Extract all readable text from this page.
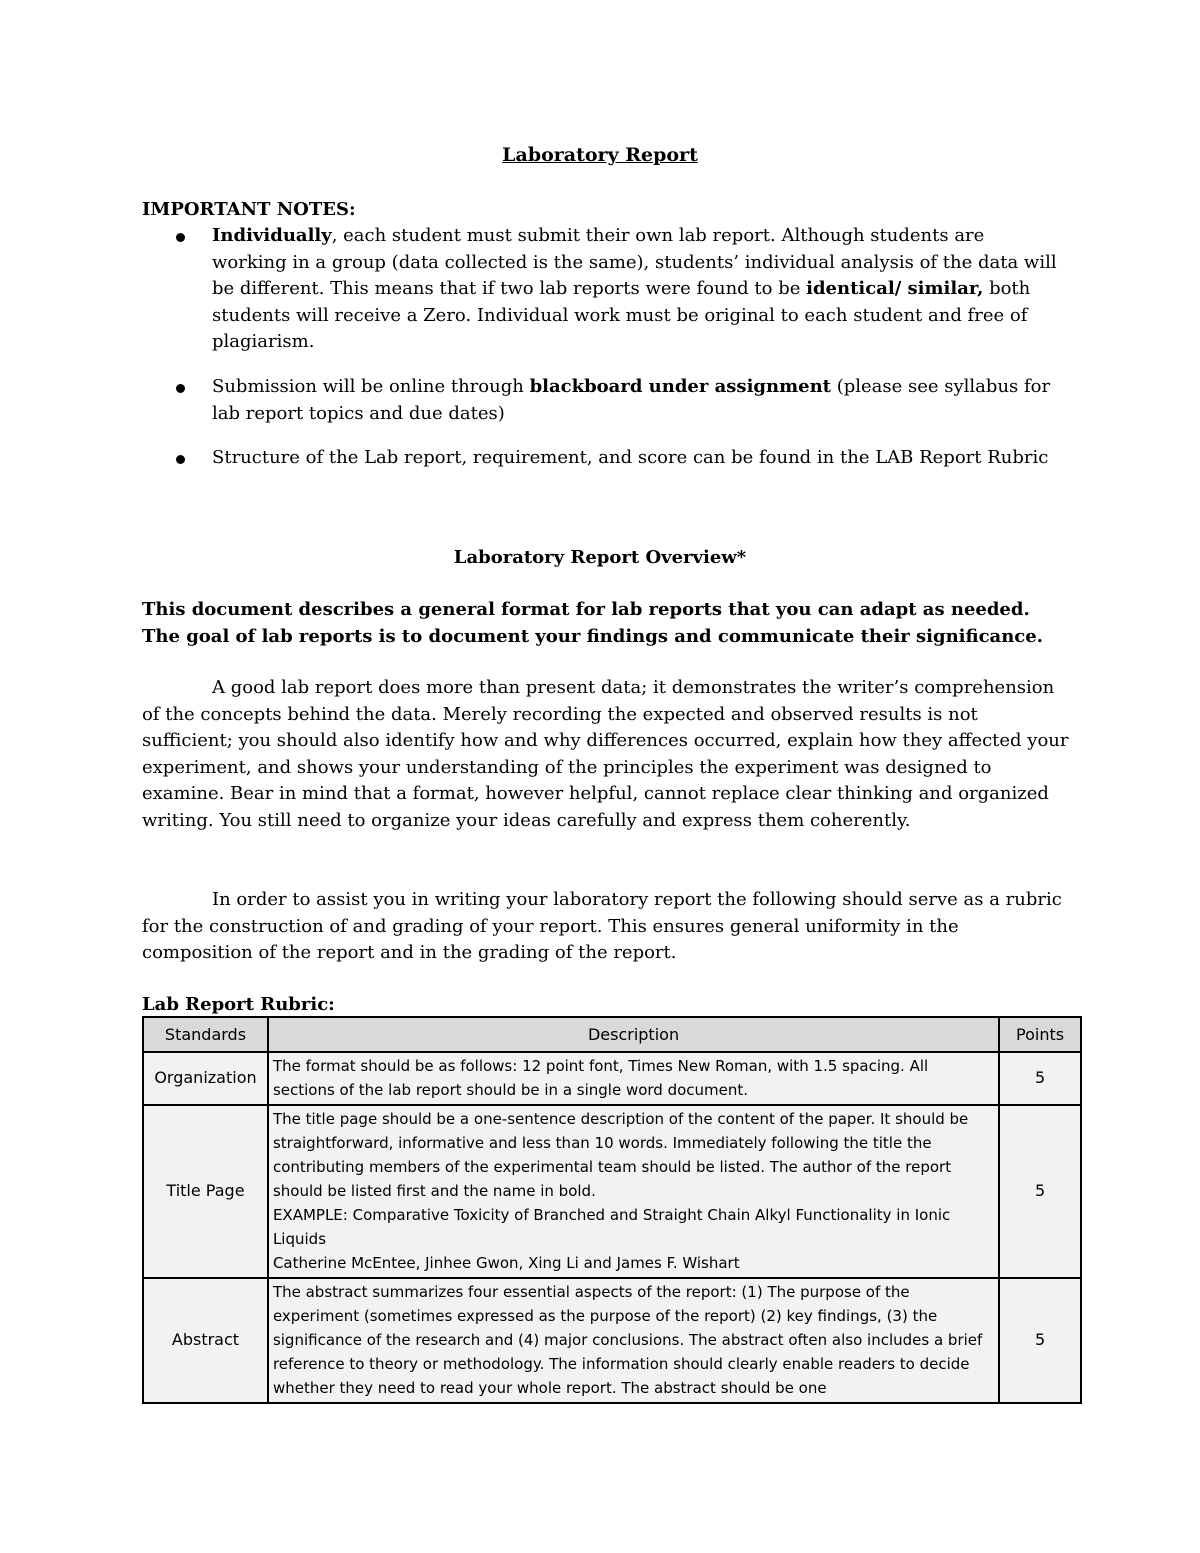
Laboratory Report
IMPORTANT NOTES:
Individually, each student must submit their own lab report. Although students are working in a group (data collected is the same), students’ individual analysis of the data will be different. This means that if two lab reports were found to be identical/ similar, both students will receive a Zero. Individual work must be original to each student and free of plagiarism.
Submission will be online through blackboard under assignment (please see syllabus for lab report topics and due dates)
Structure of the Lab report, requirement, and score can be found in the LAB Report Rubric
Laboratory Report Overview*
This document describes a general format for lab reports that you can adapt as needed. The goal of lab reports is to document your findings and communicate their significance.
A good lab report does more than present data; it demonstrates the writer’s comprehension of the concepts behind the data. Merely recording the expected and observed results is not sufficient; you should also identify how and why differences occurred, explain how they affected your experiment, and shows your understanding of the principles the experiment was designed to examine. Bear in mind that a format, however helpful, cannot replace clear thinking and organized writing. You still need to organize your ideas carefully and express them coherently.
In order to assist you in writing your laboratory report the following should serve as a rubric for the construction of and grading of your report. This ensures general uniformity in the composition of the report and in the grading of the report.
Lab Report Rubric:
Standards	Description	Points
Organization	The format should be as follows: 12 point font, Times New Roman, with 1.5 spacing. All sections of the lab report should be in a single word document.	5
Title Page	The title page should be a one-sentence description of the content of the paper. It should be straightforward, informative and less than 10 words. Immediately following the title the contributing members of the experimental team should be listed. The author of the report should be listed first and the name in bold.
EXAMPLE: Comparative Toxicity of Branched and Straight Chain Alkyl Functionality in Ionic Liquids
Catherine McEntee, Jinhee Gwon, Xing Li and James F. Wishart	5
Abstract	The abstract summarizes four essential aspects of the report: (1) The purpose of the experiment (sometimes expressed as the purpose of the report) (2) key findings, (3) the significance of the research and (4) major conclusions. The abstract often also includes a brief reference to theory or methodology. The information should clearly enable readers to decide whether they need to read your whole report. The abstract should be one	5
